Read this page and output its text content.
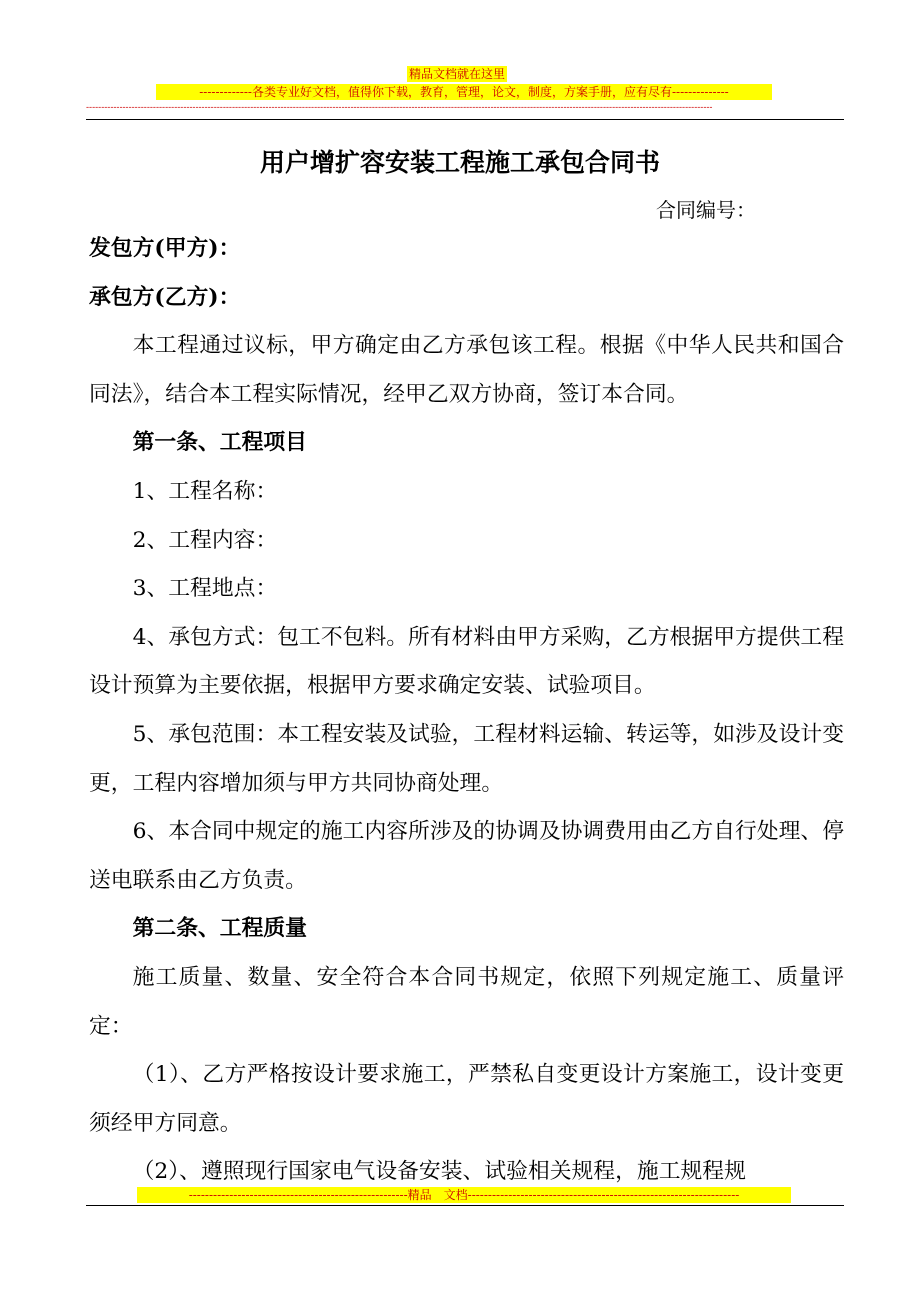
精品文档就在这里
-------------各类专业好文档，值得你下载，教育，管理，论文，制度，方案手册，应有尽有--------------
--------------------------------------------------------------------------------------------------------------------------------------------------------------------------------------------------------------
用户增扩容安装工程施工承包合同书
合同编号：

发包方(甲方)：

承包方(乙方)：

本工程通过议标，甲方确定由乙方承包该工程。根据《中华人民共和国合同法》，结合本工程实际情况，经甲乙双方协商，签订本合同。

第一条、工程项目

1、工程名称：

2、工程内容：

3、工程地点：

4、承包方式：包工不包料。所有材料由甲方采购，乙方根据甲方提供工程设计预算为主要依据，根据甲方要求确定安装、试验项目。

5、承包范围：本工程安装及试验，工程材料运输、转运等，如涉及设计变更，工程内容增加须与甲方共同协商处理。

6、本合同中规定的施工内容所涉及的协调及协调费用由乙方自行处理、停送电联系由乙方负责。

第二条、工程质量

施工质量、数量、安全符合本合同书规定，依照下列规定施工、质量评定：

（1）、乙方严格按设计要求施工，严禁私自变更设计方案施工，设计变更须经甲方同意。

（2）、遵照现行国家电气设备安装、试验相关规程，施工规程规

------------------------------------------------------精品　文档-------------------------------------------------------------------
